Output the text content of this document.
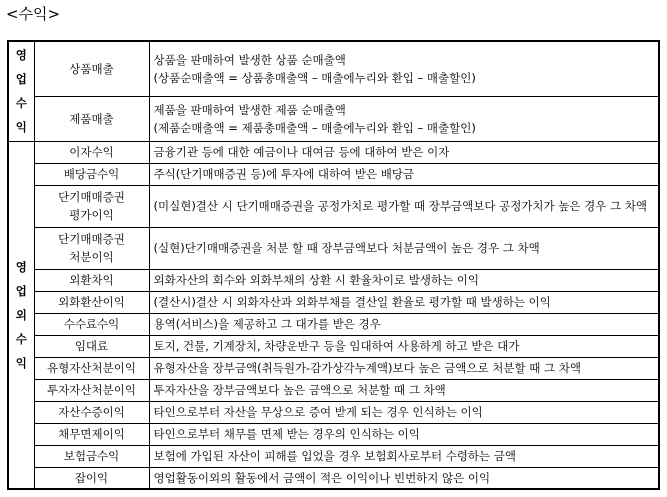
<수익>
영
업
수
익	상품매출	상품을 판매하여 발생한 상품 순매출액
(상품순매출액 = 상품총매출액 – 매출에누리와 환입 – 매출할인)

	제품매출	제품을 판매하여 발생한 제품 순매출액
(제품순매출액 = 제품총매출액 – 매출에누리와 환입 – 매출할인)

영
업
외
수
익	이자수익	금융기관 등에 대한 예금이나 대여금 등에 대하여 받은 이자
	배당금수익	주식(단기매매증권 등)에 투자에 대하여 받은 배당금

	단기매매증권
평가이익	(미실현)결산 시 단기매매증권을 공정가치로 평가할 때 장부금액보다 공정가치가 높은 경우 그 차액

	단기매매증권
처분이익	(실현)단기매매증권을 처분 할 때 장부금액보다 처분금액이 높은 경우 그 차액
	외환차익	외화자산의 회수와 외화부채의 상환 시 환율차이로 발생하는 이익
	외화환산이익	(결산시)결산 시 외화자산과 외화부채를 결산일 환율로 평가할 때 발생하는 이익
	수수료수익	용역(서비스)을 제공하고 그 대가를 받은 경우
	임대료	토지, 건물, 기계장치, 차량운반구 등을 임대하여 사용하게 하고 받은 대가
	유형자산처분이익	유형자산을 장부금액(취득원가-감가상각누계액)보다 높은 금액으로 처분할 때 그 차액
	투자자산처분이익	투자자산을 장부금액보다 높은 금액으로 처분할 때 그 차액
	자산수증이익	타인으로부터 자산을 무상으로 증여 받게 되는 경우 인식하는 이익
	채무면제이익	타인으로부터 채무를 면제 받는 경우의 인식하는 이익
	보험금수익	보험에 가입된 자산이 피해를 입었을 경우 보험회사로부터 수령하는 금액
	잡이익	영업활동이외의 활동에서 금액이 적은 이익이나 빈번하지 않은 이익
